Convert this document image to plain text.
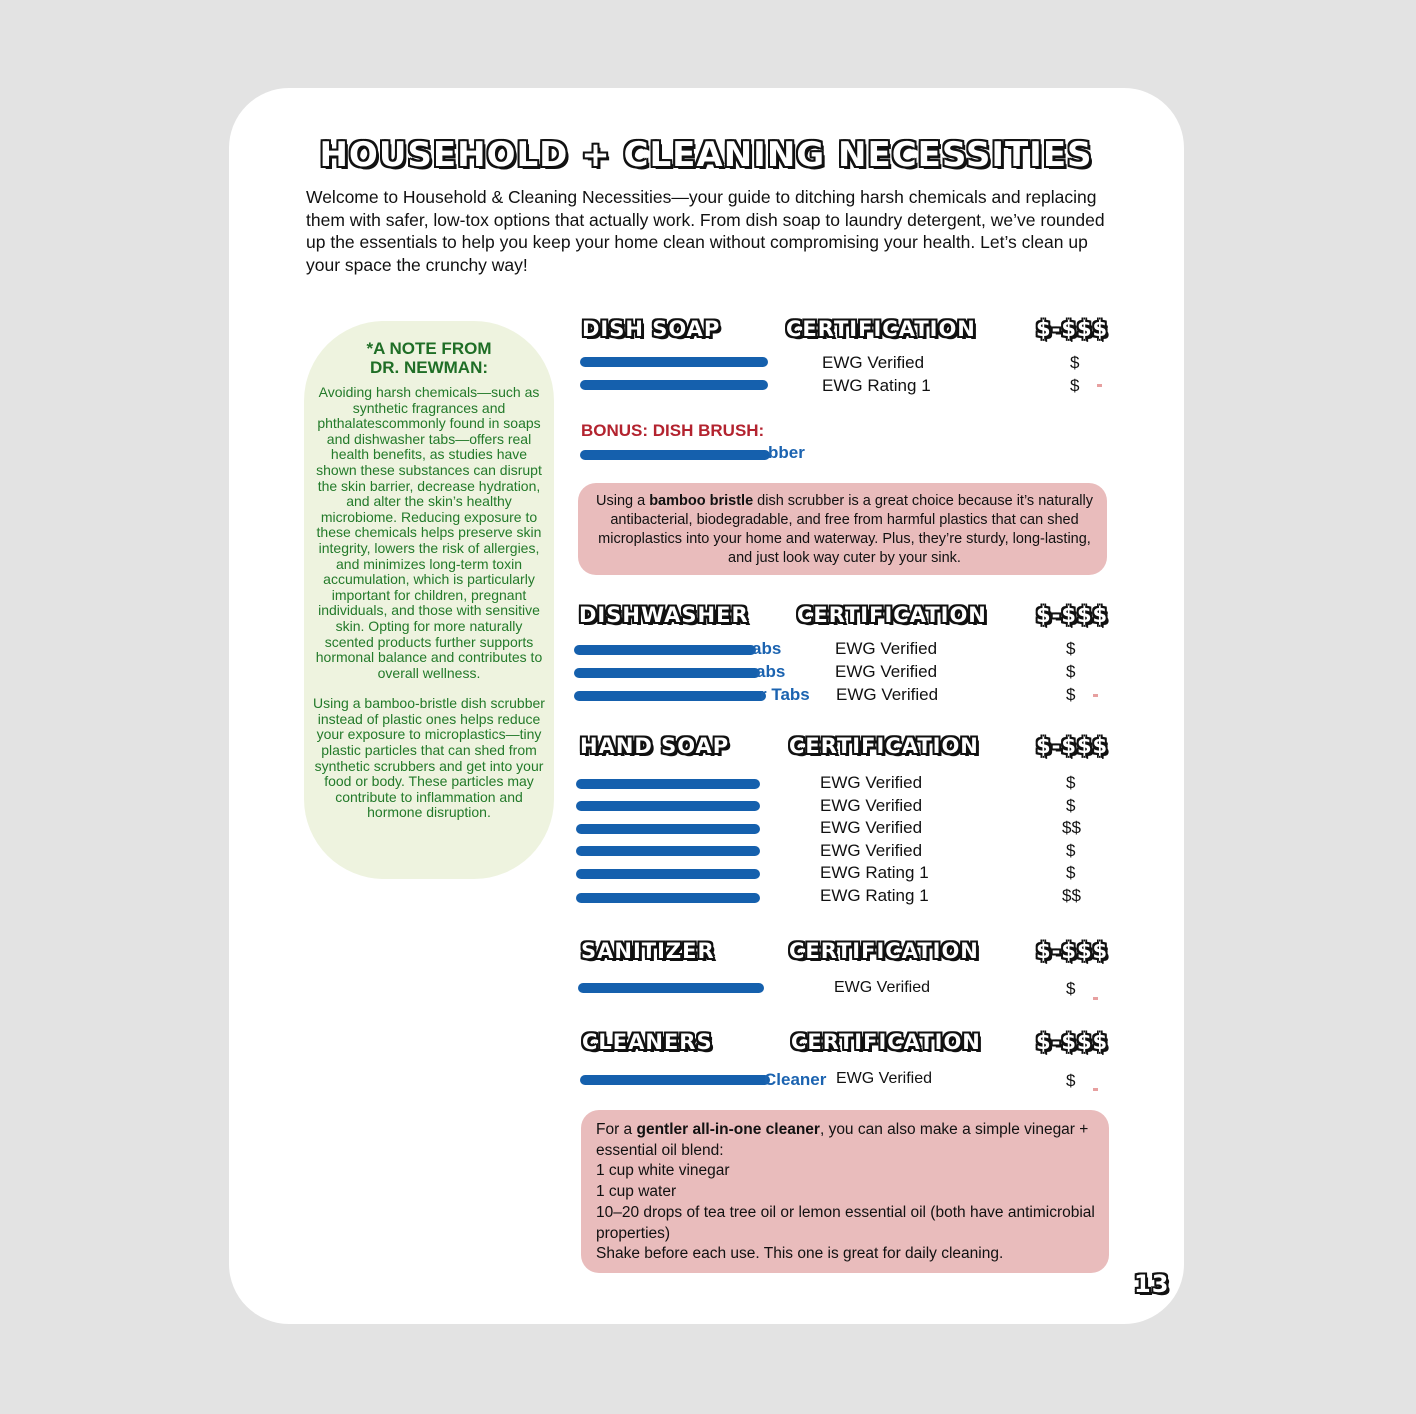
HOUSEHOLD + CLEANING NECESSITIES
Welcome to Household & Cleaning Necessities—your guide to ditching harsh chemicals and replacing them with safer, low-tox options that actually work. From dish soap to laundry detergent, we’ve rounded up the essentials to help you keep your home clean without compromising your health. Let’s clean up your space the crunchy way!
*A NOTE FROM
DR. NEWMAN:

Avoiding harsh chemicals—such as synthetic fragrances and phthalatescommonly found in soaps and dishwasher tabs—offers real health benefits, as studies have shown these substances can disrupt the skin barrier, decrease hydration, and alter the skin’s healthy microbiome. Reducing exposure to these chemicals helps preserve skin integrity, lowers the risk of allergies, and minimizes long-term toxin accumulation, which is particularly important for children, pregnant individuals, and those with sensitive skin. Opting for more naturally scented products further supports hormonal balance and contributes to overall wellness.

Using a bamboo-bristle dish scrubber instead of plastic ones helps reduce your exposure to microplastics—tiny plastic particles that can shed from synthetic scrubbers and get into your food or body. These particles may contribute to inflammation and hormone disruption.

DISH SOAP	CERTIFICATION	$-$$$
EWG Verified	$
EWG Rating 1	$
BONUS: DISH BRUSH:
bber
Using a bamboo bristle dish scrubber is a great choice because it’s naturally antibacterial, biodegradable, and free from harmful plastics that can shed microplastics into your home and waterway. Plus, they’re sturdy, long-lasting, and just look way cuter by your sink.
DISHWASHER CERTIFICATION $-$$$
abs	EWG Verified	$
abs	EWG Verified	$
r Tabs EWG Verified	$
HAND SOAP	CERTIFICATION	$-$$$
EWG Verified	$
EWG Verified	$
EWG Verified	$$
EWG Verified	$
EWG Rating 1	$
EWG Rating 1	$$
SANITIZER	CERTIFICATION	$-$$$
EWG Verified	$
CLEANERS	CERTIFICATION	$-$$$
Cleaner EWG Verified	$
For a gentler all-in-one cleaner, you can also make a simple vinegar + essential oil blend:
1 cup white vinegar
1 cup water
10–20 drops of tea tree oil or lemon essential oil (both have antimicrobial properties)
Shake before each use. This one is great for daily cleaning.
13
